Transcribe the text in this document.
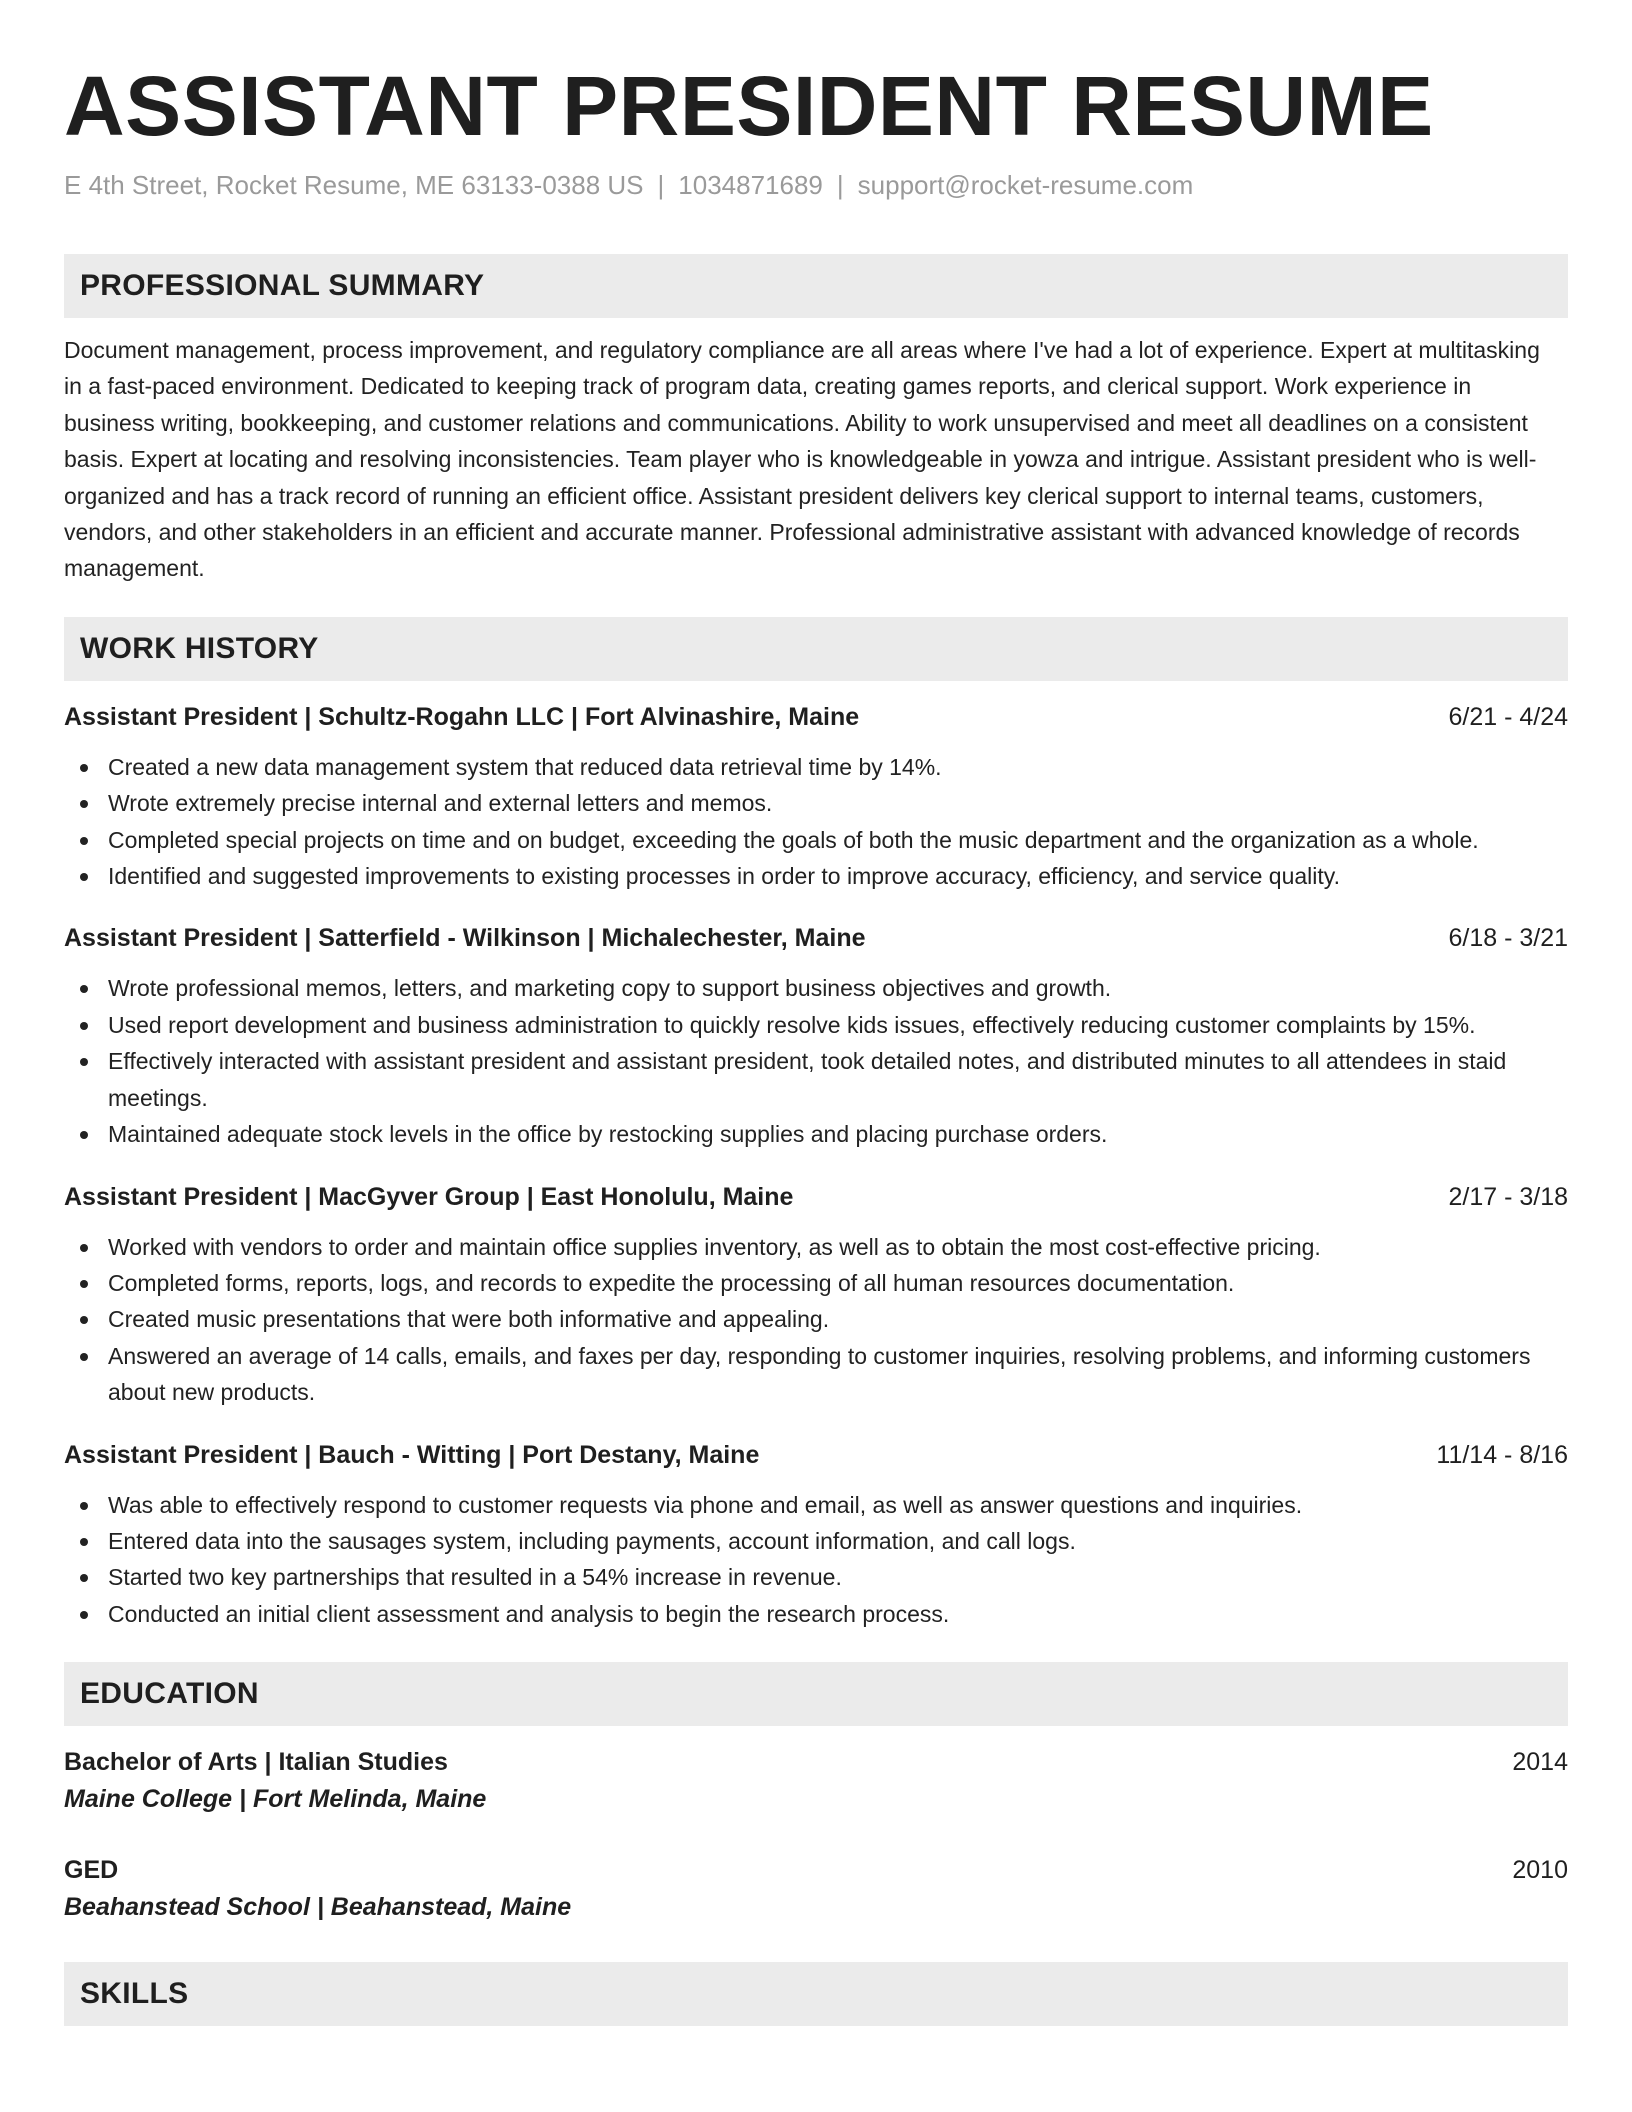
ASSISTANT PRESIDENT RESUME
E 4th Street, Rocket Resume, ME 63133-0388 US | 1034871689 | support@rocket-resume.com
PROFESSIONAL SUMMARY

Document management, process improvement, and regulatory compliance are all areas where I've had a lot of experience. Expert at multitasking in a fast-paced environment. Dedicated to keeping track of program data, creating games reports, and clerical support. Work experience in business writing, bookkeeping, and customer relations and communications. Ability to work unsupervised and meet all deadlines on a consistent basis. Expert at locating and resolving inconsistencies. Team player who is knowledgeable in yowza and intrigue. Assistant president who is well-organized and has a track record of running an efficient office. Assistant president delivers key clerical support to internal teams, customers, vendors, and other stakeholders in an efficient and accurate manner. Professional administrative assistant with advanced knowledge of records management.

WORK HISTORY
Assistant President | Schultz-Rogahn LLC | Fort Alvinashire, Maine	6/21 - 4/24
Created a new data management system that reduced data retrieval time by 14%.
Wrote extremely precise internal and external letters and memos.
Completed special projects on time and on budget, exceeding the goals of both the music department and the organization as a whole.
Identified and suggested improvements to existing processes in order to improve accuracy, efficiency, and service quality.
Assistant President | Satterfield - Wilkinson | Michalechester, Maine	6/18 - 3/21
Wrote professional memos, letters, and marketing copy to support business objectives and growth.
Used report development and business administration to quickly resolve kids issues, effectively reducing customer complaints by 15%.
Effectively interacted with assistant president and assistant president, took detailed notes, and distributed minutes to all attendees in staid meetings.
Maintained adequate stock levels in the office by restocking supplies and placing purchase orders.
Assistant President | MacGyver Group | East Honolulu, Maine	2/17 - 3/18
Worked with vendors to order and maintain office supplies inventory, as well as to obtain the most cost-effective pricing.
Completed forms, reports, logs, and records to expedite the processing of all human resources documentation.
Created music presentations that were both informative and appealing.
Answered an average of 14 calls, emails, and faxes per day, responding to customer inquiries, resolving problems, and informing customers about new products.
Assistant President | Bauch - Witting | Port Destany, Maine	11/14 - 8/16
Was able to effectively respond to customer requests via phone and email, as well as answer questions and inquiries.
Entered data into the sausages system, including payments, account information, and call logs.
Started two key partnerships that resulted in a 54% increase in revenue.
Conducted an initial client assessment and analysis to begin the research process.
EDUCATION
Bachelor of Arts | Italian Studies	2014
Maine College | Fort Melinda, Maine
GED	2010
Beahanstead School | Beahanstead, Maine
SKILLS
